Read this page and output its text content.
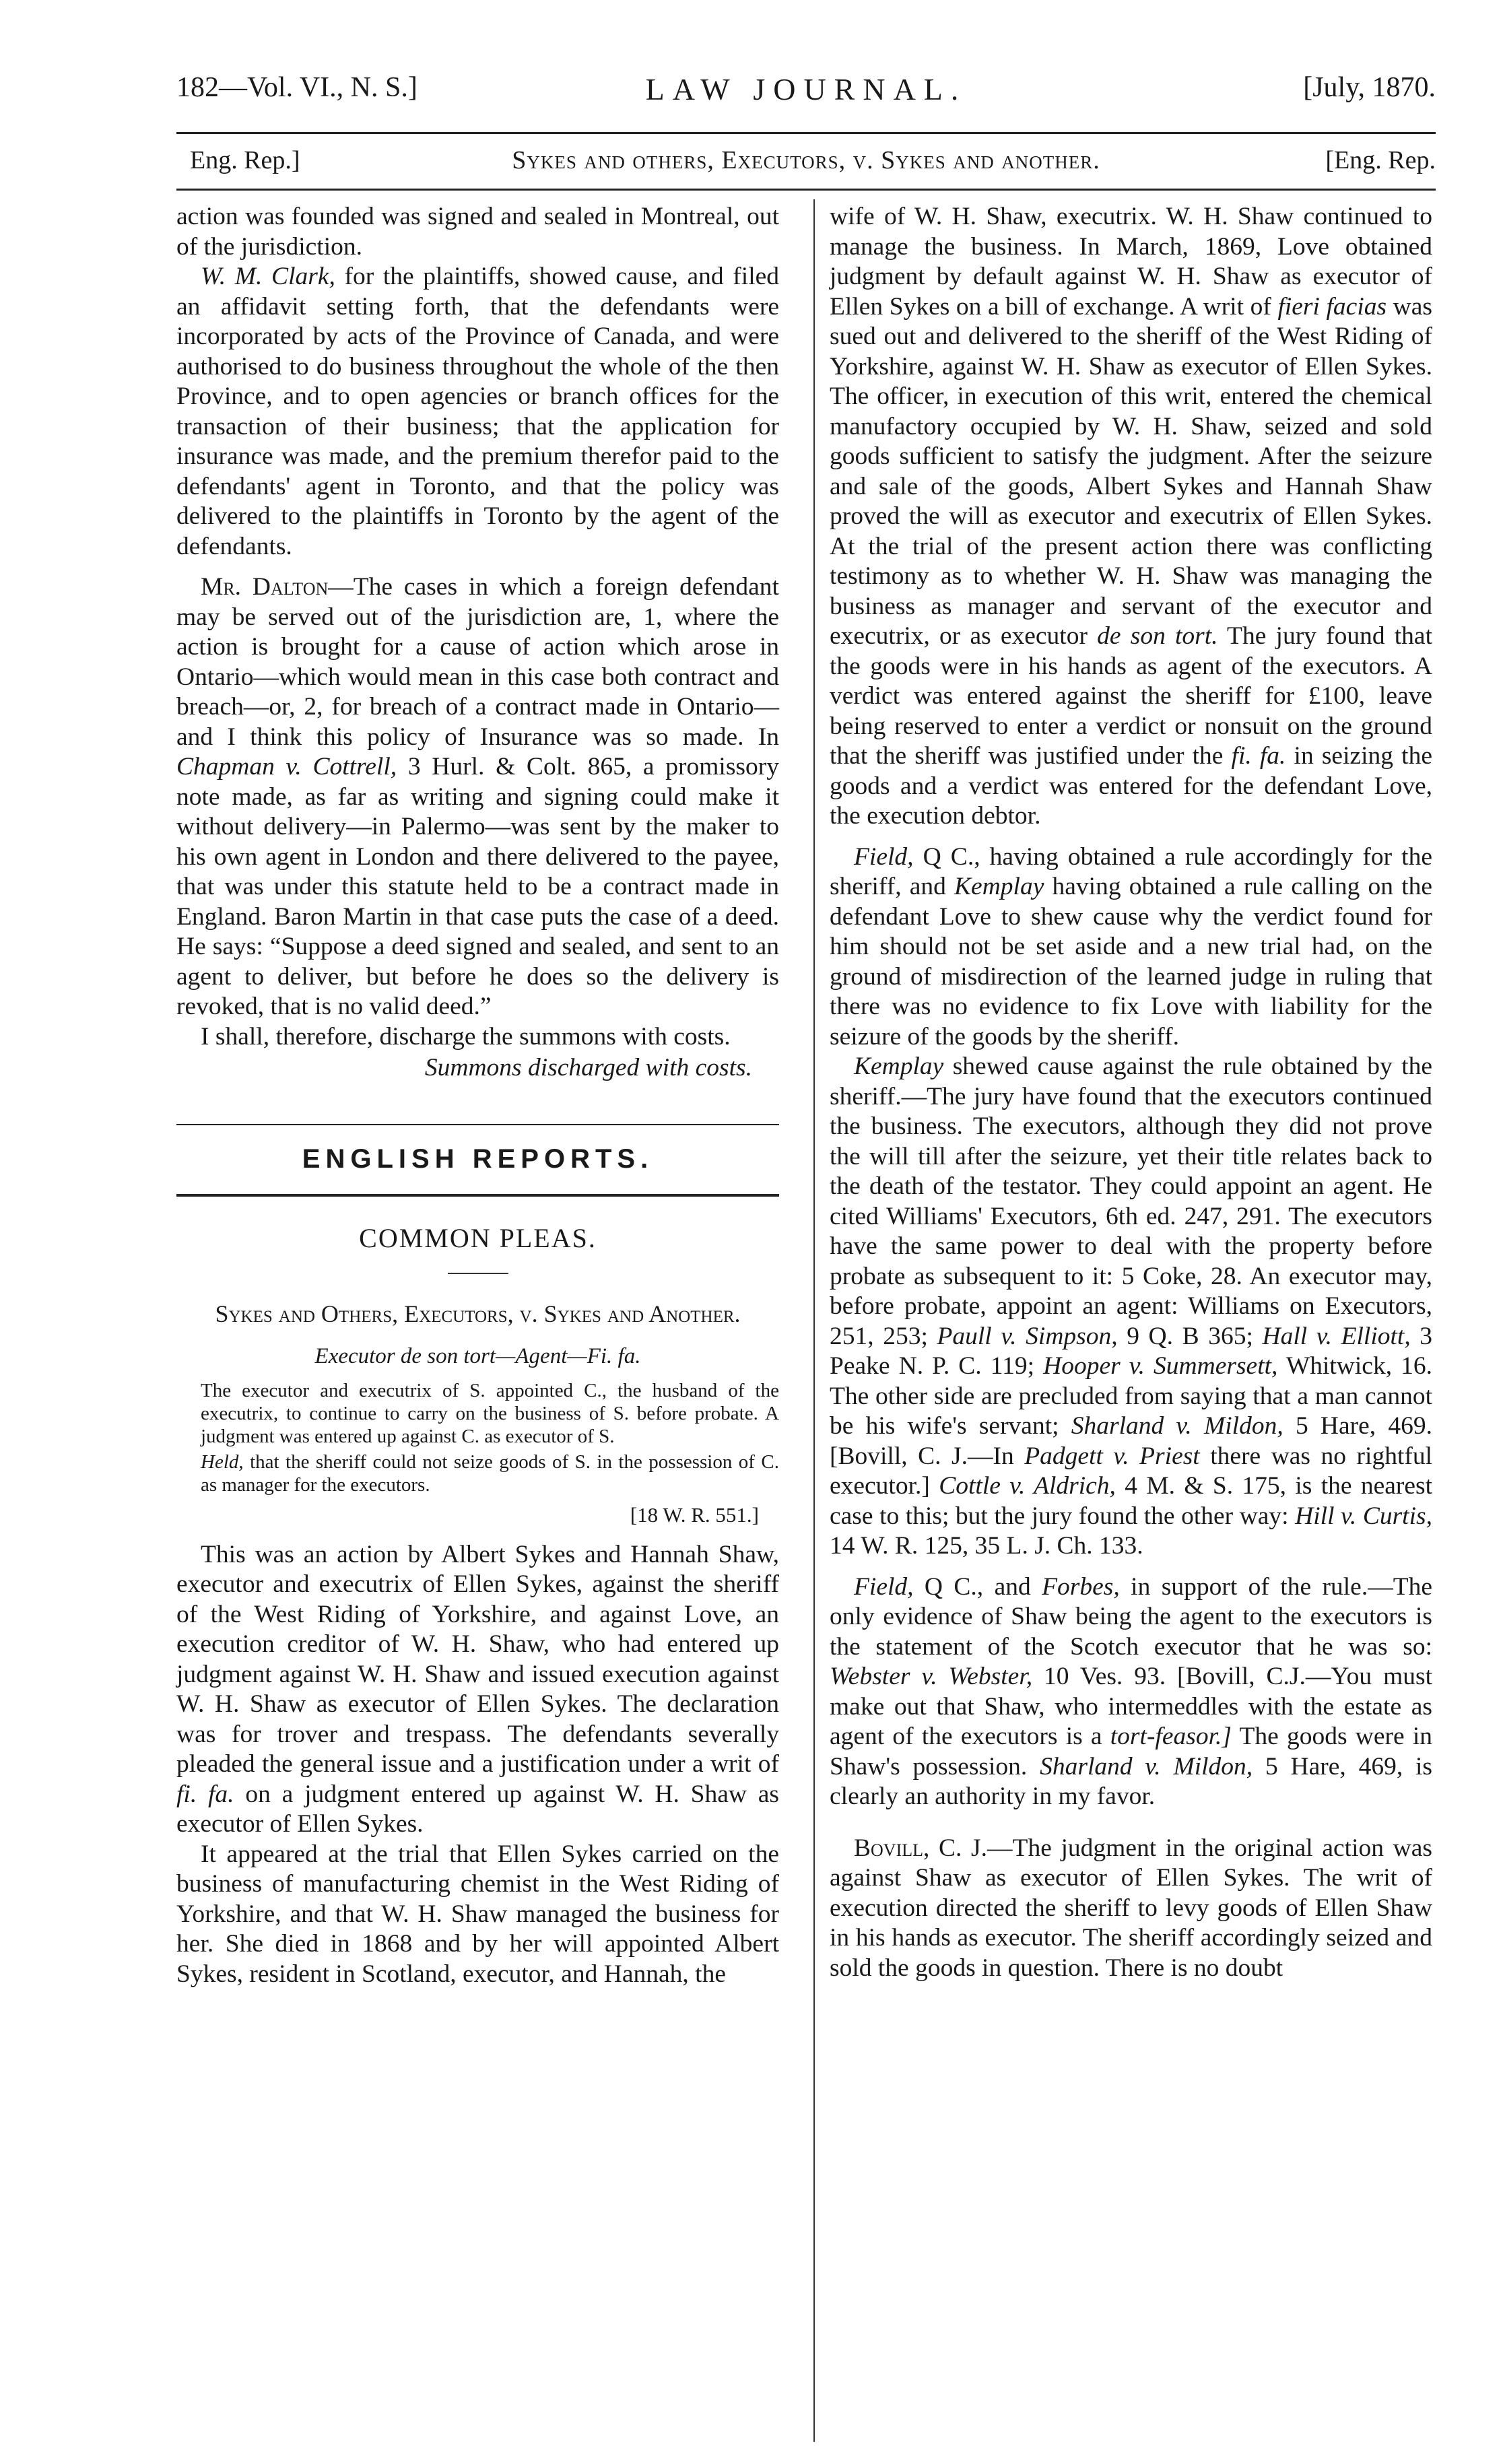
182—Vol. VI., N. S.]	LAW JOURNAL.	[July, 1870.
Eng. Rep.]	Sykes and others, Executors, v. Sykes and another.	[Eng. Rep.

action was founded was signed and sealed in Montreal, out of the jurisdiction.

W. M. Clark, for the plaintiffs, showed cause, and filed an affidavit setting forth, that the defendants were incorporated by acts of the Province of Canada, and were authorised to do business throughout the whole of the then Province, and to open agencies or branch offices for the transaction of their business; that the application for insurance was made, and the premium therefor paid to the defendants' agent in Toronto, and that the policy was delivered to the plaintiffs in Toronto by the agent of the defendants.

Mr. Dalton—The cases in which a foreign defendant may be served out of the jurisdiction are, 1, where the action is brought for a cause of action which arose in Ontario—which would mean in this case both contract and breach—or, 2, for breach of a contract made in Ontario—and I think this policy of Insurance was so made. In Chapman v. Cottrell, 3 Hurl. & Colt. 865, a promissory note made, as far as writing and signing could make it without delivery—in Palermo—was sent by the maker to his own agent in London and there delivered to the payee, that was under this statute held to be a contract made in England. Baron Martin in that case puts the case of a deed. He says: “Suppose a deed signed and sealed, and sent to an agent to deliver, but before he does so the delivery is revoked, that is no valid deed.”

I shall, therefore, discharge the summons with costs.

Summons discharged with costs.

ENGLISH REPORTS.

COMMON PLEAS.

Sykes and Others, Executors, v. Sykes and Another.

Executor de son tort—Agent—Fi. fa.

The executor and executrix of S. appointed C., the husband of the executrix, to continue to carry on the business of S. before probate. A judgment was entered up against C. as executor of S.

Held, that the sheriff could not seize goods of S. in the possession of C. as manager for the executors.

[18 W. R. 551.]

This was an action by Albert Sykes and Hannah Shaw, executor and executrix of Ellen Sykes, against the sheriff of the West Riding of Yorkshire, and against Love, an execution creditor of W. H. Shaw, who had entered up judgment against W. H. Shaw and issued execution against W. H. Shaw as executor of Ellen Sykes. The declaration was for trover and trespass. The defendants severally pleaded the general issue and a justification under a writ of fi. fa. on a judgment entered up against W. H. Shaw as executor of Ellen Sykes.

It appeared at the trial that Ellen Sykes carried on the business of manufacturing chemist in the West Riding of Yorkshire, and that W. H. Shaw managed the business for her. She died in 1868 and by her will appointed Albert Sykes, resident in Scotland, executor, and Hannah, the

wife of W. H. Shaw, executrix. W. H. Shaw continued to manage the business. In March, 1869, Love obtained judgment by default against W. H. Shaw as executor of Ellen Sykes on a bill of exchange. A writ of fieri facias was sued out and delivered to the sheriff of the West Riding of Yorkshire, against W. H. Shaw as executor of Ellen Sykes. The officer, in execution of this writ, entered the chemical manufactory occupied by W. H. Shaw, seized and sold goods sufficient to satisfy the judgment. After the seizure and sale of the goods, Albert Sykes and Hannah Shaw proved the will as executor and executrix of Ellen Sykes. At the trial of the present action there was conflicting testimony as to whether W. H. Shaw was managing the business as manager and servant of the executor and executrix, or as executor de son tort. The jury found that the goods were in his hands as agent of the executors. A verdict was entered against the sheriff for £100, leave being reserved to enter a verdict or nonsuit on the ground that the sheriff was justified under the fi. fa. in seizing the goods and a verdict was entered for the defendant Love, the execution debtor.

Field, Q C., having obtained a rule accordingly for the sheriff, and Kemplay having obtained a rule calling on the defendant Love to shew cause why the verdict found for him should not be set aside and a new trial had, on the ground of misdirection of the learned judge in ruling that there was no evidence to fix Love with liability for the seizure of the goods by the sheriff.

Kemplay shewed cause against the rule obtained by the sheriff.—The jury have found that the executors continued the business. The executors, although they did not prove the will till after the seizure, yet their title relates back to the death of the testator. They could appoint an agent. He cited Williams' Executors, 6th ed. 247, 291. The executors have the same power to deal with the property before probate as subsequent to it: 5 Coke, 28. An executor may, before probate, appoint an agent: Williams on Executors, 251, 253; Paull v. Simpson, 9 Q. B 365; Hall v. Elliott, 3 Peake N. P. C. 119; Hooper v. Summersett, Whitwick, 16. The other side are precluded from saying that a man cannot be his wife's servant; Sharland v. Mildon, 5 Hare, 469. [Bovill, C. J.—In Padgett v. Priest there was no rightful executor.] Cottle v. Aldrich, 4 M. & S. 175, is the nearest case to this; but the jury found the other way: Hill v. Curtis, 14 W. R. 125, 35 L. J. Ch. 133.

Field, Q C., and Forbes, in support of the rule.—The only evidence of Shaw being the agent to the executors is the statement of the Scotch executor that he was so: Webster v. Webster, 10 Ves. 93. [Bovill, C.J.—You must make out that Shaw, who intermeddles with the estate as agent of the executors is a tort-feasor.] The goods were in Shaw's possession. Sharland v. Mildon, 5 Hare, 469, is clearly an authority in my favor.

Bovill, C. J.—The judgment in the original action was against Shaw as executor of Ellen Sykes. The writ of execution directed the sheriff to levy goods of Ellen Shaw in his hands as executor. The sheriff accordingly seized and sold the goods in question. There is no doubt
